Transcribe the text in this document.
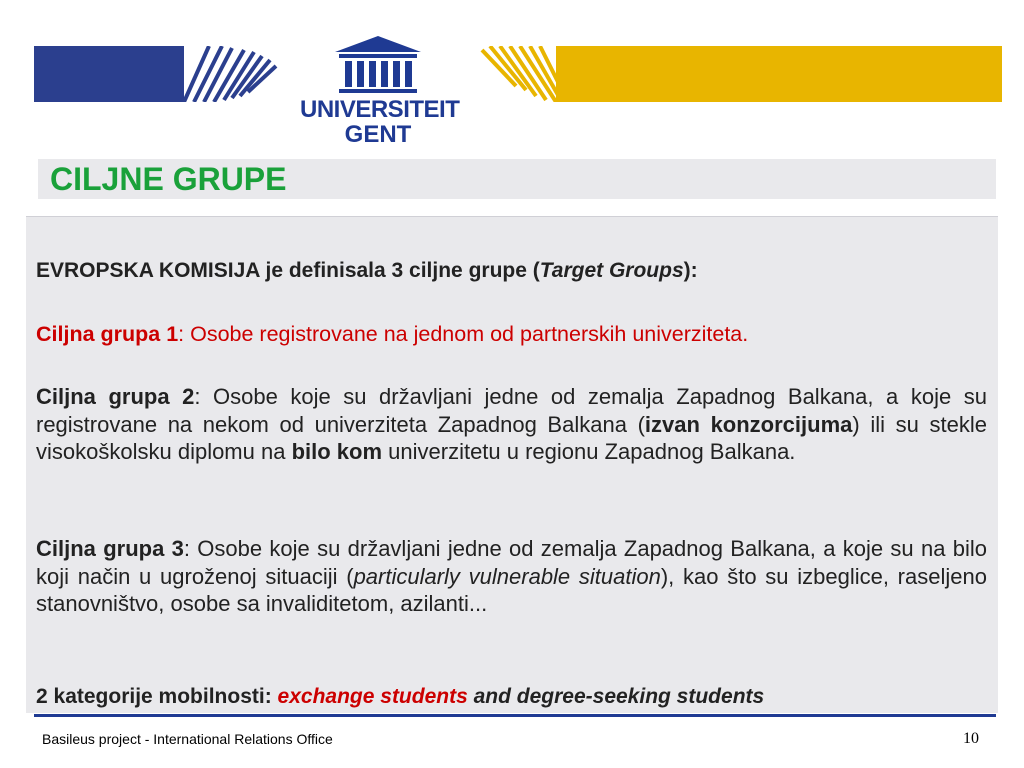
UNIVERSITEIT
GENT
CILJNE GRUPE

EVROPSKA KOMISIJA je definisala 3 ciljne grupe (Target Groups):

Ciljna grupa 1: Osobe registrovane na jednom od partnerskih univerziteta.

Ciljna grupa 2: Osobe koje su državljani jedne od zemalja Zapadnog Balkana, a koje su registrovane na nekom od univerziteta Zapadnog Balkana (izvan konzorcijuma) ili su stekle visokoškolsku diplomu na bilo kom univerzitetu u regionu Zapadnog Balkana.

Ciljna grupa 3: Osobe koje su državljani jedne od zemalja Zapadnog Balkana, a koje su na bilo koji način u ugroženoj situaciji (particularly vulnerable situation), kao što su izbeglice, raseljeno stanovništvo, osobe sa invaliditetom, azilanti...

2 kategorije mobilnosti: exchange students and degree-seeking students

Basileus project - International Relations Office	10
